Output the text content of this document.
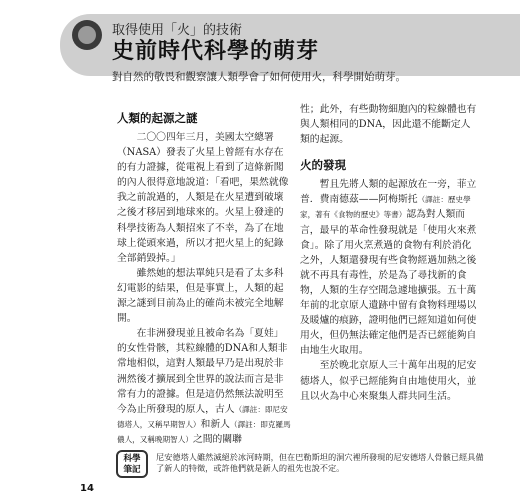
取得使用「火」的技術
史前時代科學的萌芽
對自然的敬畏和觀察讓人類學會了如何使用火，科學開始萌芽。
人類的起源之謎

二〇〇四年三月，美國太空總署（NASA）發表了火星上曾經有水存在的有力證據，從電視上看到了這條新聞的內人很得意地說道：「看吧，果然就像我之前說過的，人類是在火星遭到破壞之後才移居到地球來的。火星上發達的科學技術為人類招來了不幸，為了在地球上從頭來過，所以才把火星上的紀錄全部銷毀掉。」

雖然她的想法單純只是看了太多科幻電影的結果，但是事實上，人類的起源之謎到目前為止的確尚未被完全地解開。

在非洲發現並且被命名為「夏娃」的女性骨骸，其粒線體的DNA和人類非常地相似，這對人類最早乃是出現於非洲然後才擴展到全世界的說法而言是非常有力的證據。但是這仍然無法說明至今為止所發現的原人，古人（譯註：即尼安德塔人，又稱早期智人）和新人（譯註：即克羅馬儂人，又稱晚期智人）之間的關聯

性；此外，有些動物細胞內的粒線體也有與人類相同的DNA，因此還不能斷定人類的起源。

火的發現

暫且先將人類的起源放在一旁，菲立普．費南德茲——阿梅斯托（譯註：歷史學家，著有《食物的歷史》等書）認為對人類而言，最早的革命性發現就是「使用火來煮食」。除了用火烹煮過的食物有利於消化之外，人類還發現有些食物經過加熱之後就不再具有毒性，於是為了尋找新的食物，人類的生存空間急遽地擴張。五十萬年前的北京原人遺跡中留有食物料理場以及暖爐的痕跡，證明他們已經知道如何使用火，但仍無法確定他們是否已經能夠自由地生火取用。

至於晚北京原人三十萬年出現的尼安德塔人，似乎已經能夠自由地使用火，並且以火為中心來聚集人群共同生活。

科學
筆記
尼安德塔人雖然滅絕於冰河時期，但在巴勒斯坦的洞穴裡所發現的尼安德塔人骨骸已經具備了新人的特徵，或許他們就是新人的祖先也說不定。
14
